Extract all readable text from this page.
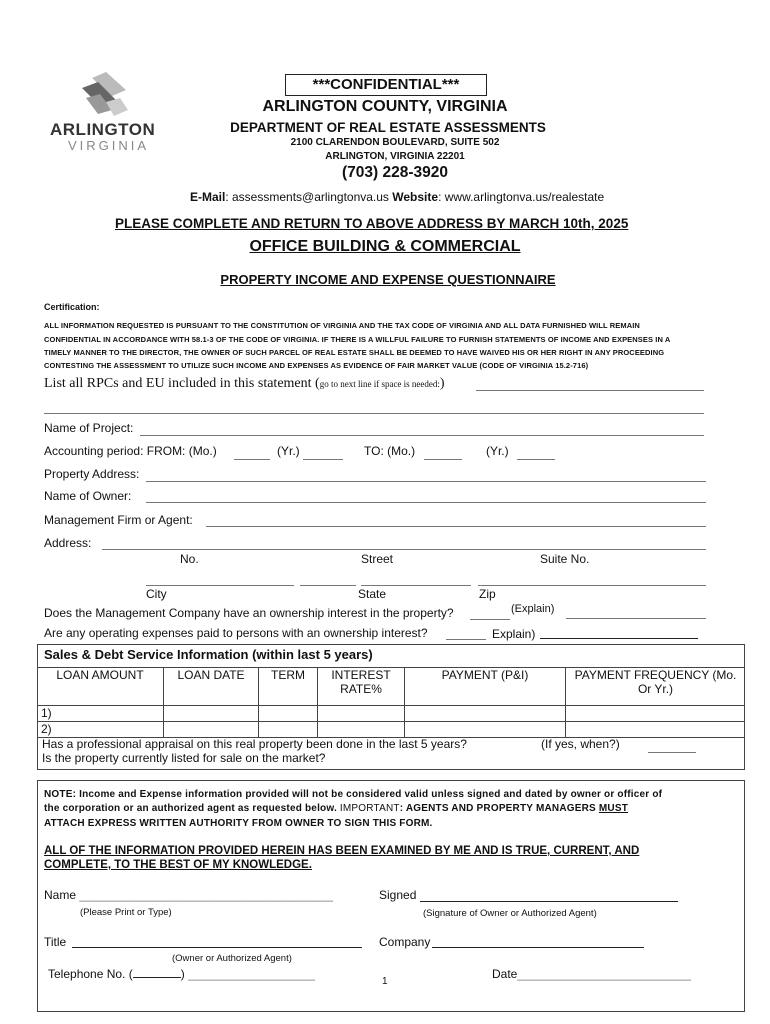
ARLINGTON
VIRGINIA
***CONFIDENTIAL***
ARLINGTON COUNTY, VIRGINIA
DEPARTMENT OF REAL ESTATE ASSESSMENTS
2100 CLARENDON BOULEVARD, SUITE 502
ARLINGTON, VIRGINIA 22201
(703) 228-3920
E-Mail: assessments@arlingtonva.us Website: www.arlingtonva.us/realestate
PLEASE COMPLETE AND RETURN TO ABOVE ADDRESS BY MARCH 10th, 2025
OFFICE BUILDING & COMMERCIAL
PROPERTY INCOME AND EXPENSE QUESTIONNAIRE
Certification:
ALL INFORMATION REQUESTED IS PURSUANT TO THE CONSTITUTION OF VIRGINIA AND THE TAX CODE OF VIRGINIA AND ALL DATA FURNISHED WILL REMAIN
CONFIDENTIAL IN ACCORDANCE WITH 58.1-3 OF THE CODE OF VIRGINIA. IF THERE IS A WILLFUL FAILURE TO FURNISH STATEMENTS OF INCOME AND EXPENSES IN A
TIMELY MANNER TO THE DIRECTOR, THE OWNER OF SUCH PARCEL OF REAL ESTATE SHALL BE DEEMED TO HAVE WAIVED HIS OR HER RIGHT IN ANY PROCEEDING
CONTESTING THE ASSESSMENT TO UTILIZE SUCH INCOME AND EXPENSES AS EVIDENCE OF FAIR MARKET VALUE (CODE OF VIRGINIA 15.2-716)
List all RPCs and EU included in this statement (go to next line if space is needed:)
Name of Project:
Accounting period: FROM: (Mo.)	(Yr.)	TO: (Mo.)	(Yr.)
Property Address:
Name of Owner:
Management Firm or Agent:
Address:
No.	Street	Suite No.
City	State	Zip
Does the Management Company have an ownership interest in the property?	(Explain)
Are any operating expenses paid to persons with an ownership interest?	Explain)
Sales & Debt Service Information (within last 5 years)
LOAN AMOUNT	LOAN DATE	TERM	INTEREST RATE%	PAYMENT (P&I)	PAYMENT FREQUENCY (Mo. Or Yr.)
1)					
2)					
Has a professional appraisal on this real property been done in the last 5 years?	(If yes, when?)
Is the property currently listed for sale on the market?
NOTE: Income and Expense information provided will not be considered valid unless signed and dated by owner or officer of
the corporation or an authorized agent as requested below. IMPORTANT: AGENTS AND PROPERTY MANAGERS MUST
ATTACH EXPRESS WRITTEN AUTHORITY FROM OWNER TO SIGN THIS FORM.
ALL OF THE INFORMATION PROVIDED HEREIN HAS BEEN EXAMINED BY ME AND IS TRUE, CURRENT, AND
COMPLETE, TO THE BEST OF MY KNOWLEDGE.
Name ______________________________________
(Please Print or Type)
Signed
(Signature of Owner or Authorized Agent)
Title
(Owner or Authorized Agent)
Company
Telephone No. (	) ___________________	Date__________________________
1
